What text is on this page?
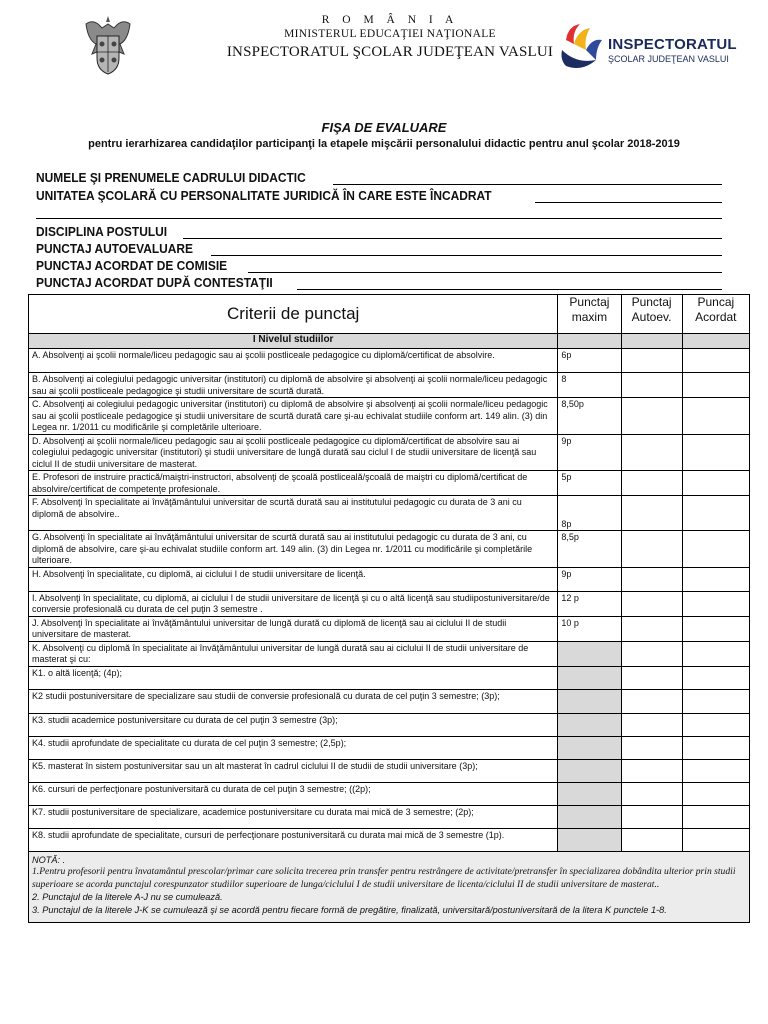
R O M Â N I A
MINISTERUL EDUCAŢIEI NAŢIONALE
INSPECTORATUL ŞCOLAR JUDEŢEAN VASLUI	INSPECTORATUL
ŞCOLAR JUDEŢEAN VASLUI
FIŞA DE EVALUARE
pentru ierarhizarea candidaţilor participanţi la etapele mişcării personalului didactic pentru anul şcolar 2018-2019
NUMELE ŞI PRENUMELE CADRULUI DIDACTIC
UNITATEA ŞCOLARĂ CU PERSONALITATE JURIDICĂ ÎN CARE ESTE ÎNCADRAT
DISCIPLINA POSTULUI
PUNCTAJ AUTOEVALUARE
PUNCTAJ ACORDAT DE COMISIE
PUNCTAJ ACORDAT DUPĂ CONTESTAŢII
Criterii de punctaj	Punctaj maxim	Punctaj Autoev.	Puncaj Acordat
I Nivelul studiilor			
A. Absolvenţi ai şcolii normale/liceu pedagogic sau ai şcolii postliceale pedagogice cu diplomă/certificat de absolvire.	6p		
B. Absolvenţi ai colegiului pedagogic universitar (institutori) cu diplomă de absolvire şi absolvenţi ai şcolii normale/liceu pedagogic sau ai şcolii postliceale pedagogice şi studii universitare de scurtă durată.	8		
C. Absolvenţi ai colegiului pedagogic universitar (institutori) cu diplomă de absolvire şi absolvenţi ai şcolii normale/liceu pedagogic sau ai şcolii postliceale pedagogice şi studii universitare de scurtă durată care şi-au echivalat studiile conform art. 149 alin. (3) din Legea nr. 1/2011 cu modificările şi completările ulterioare.	8,50p		
D. Absolvenţi ai şcolii normale/liceu pedagogic sau ai şcolii postliceale pedagogice cu diplomă/certificat de absolvire sau ai colegiului pedagogic universitar (institutori) şi studii universitare de lungă durată sau ciclul I de studii universitare de licenţă sau ciclul II de studii universitare de masterat.	9p		
E. Profesori de instruire practică/maiştri-instructori, absolvenţi de şcoală postliceală/şcoală de maiştri cu diplomă/certificat de absolvire/certificat de competenţe profesionale.	5p		
F. Absolvenţi în specialitate ai învăţământului universitar de scurtă durată sau ai institutului pedagogic cu durata de 3 ani cu diplomă de absolvire..	8p		
G. Absolvenţi în specialitate ai învăţământului universitar de scurtă durată sau ai institutului pedagogic cu durata de 3 ani, cu diplomă de absolvire, care şi-au echivalat studiile conform art. 149 alin. (3) din Legea nr. 1/2011 cu modificările şi completările ulterioare.	8,5p		
H. Absolvenţi în specialitate, cu diplomă, ai ciclului I de studii universitare de licenţă.	9p		
I. Absolvenţi în specialitate, cu diplomă, ai ciclului I de studii universitare de licenţă şi cu o altă licenţă sau studiipostuniversitare/de conversie profesională cu durata de cel puţin 3 semestre .	12 p		
J. Absolvenţi în specialitate ai învăţământului universitar de lungă durată cu diplomă de licenţă sau ai ciclului II de studii universitare de masterat.	10 p		
K. Absolvenţi cu diplomă în specialitate ai învăţământului universitar de lungă durată sau ai ciclului II de studii universitare de masterat şi cu:			
K1. o altă licenţă; (4p);			
K2 studii postuniversitare de specializare sau studii de conversie profesională cu durata de cel puţin 3 semestre; (3p);			
K3. studii academice postuniversitare cu durata de cel puţin 3 semestre (3p);			
K4. studii aprofundate de specialitate cu durata de cel puţin 3 semestre; (2,5p);			
K5. masterat în sistem postuniversitar sau un alt masterat în cadrul ciclului II de studii de studii universitare (3p);			
K6. cursuri de perfecţionare postuniversitară cu durata de cel puţin 3 semestre; ((2p);			
K7. studii postuniversitare de specializare, academice postuniversitare cu durata mai mică de 3 semestre; (2p);			
K8. studii aprofundate de specialitate, cursuri de perfecţionare postuniversitară cu durata mai mică de 3 semestre (1p).			

NOTĂ: .
1.Pentru profesorii pentru învatamântul prescolar/primar care solicita trecerea prin transfer pentru restrângere de activitate/pretransfer în specializarea dobândita ulterior prin studii superioare se acorda punctajul corespunzator studiilor superioare de lunga/ciclului I de studii universitare de licenta/ciclului II de studii universitare de masterat..
2. Punctajul de la literele A-J nu se cumulează.
3. Punctajul de la literele J-K se cumulează şi se acordă pentru fiecare formă de pregătire, finalizată, universitară/postuniversitară de la litera K punctele 1-8.			
